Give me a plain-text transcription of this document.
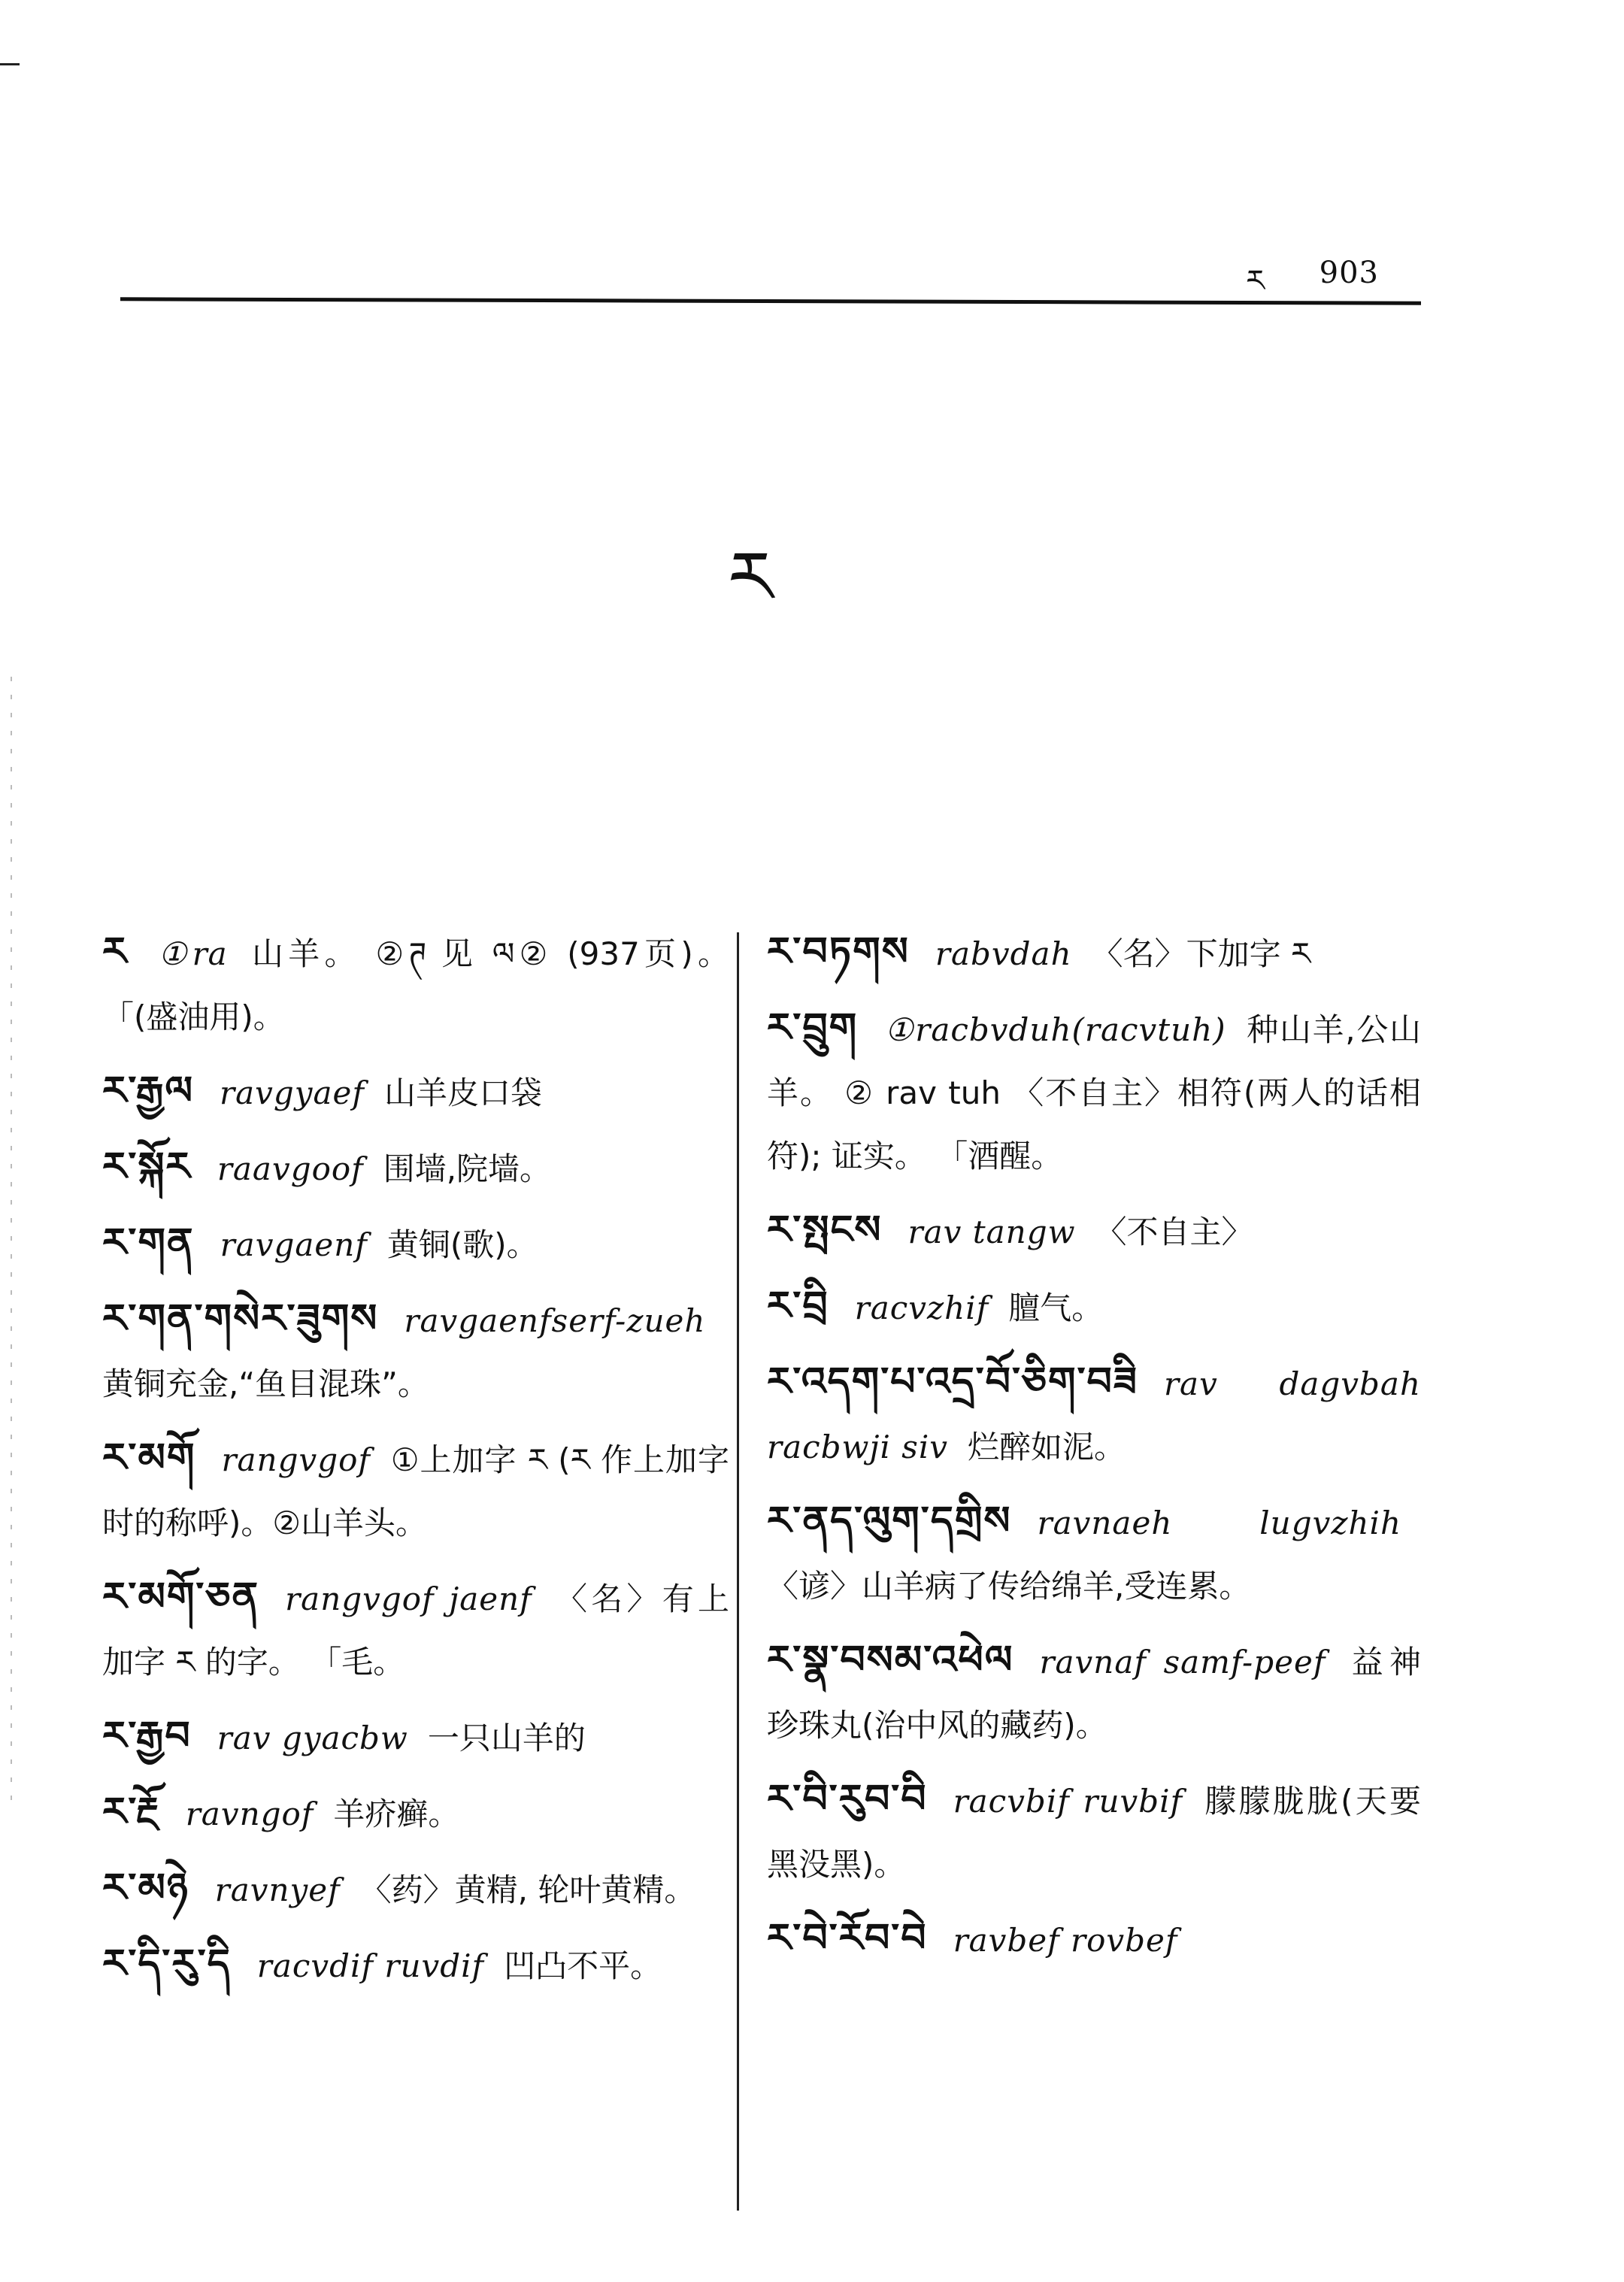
ར 903
ར
ར ①ra 山羊。 ②ཊ 见 ལ② (937页)。 「(盛油用)。
ར་རྒྱལ ravgyaef 山羊皮口袋
ར་སྐོར raavgoof 围墙,院墙。
ར་གན ravgaenf 黄铜(歌)。
ར་གན་གསེར་ཟུགས ravgaenfserf-zueh黄铜充金,“鱼目混珠”。
ར་མགོ rangvgof ①上加字 ར (ར 作上加字时的称呼)。②山羊头。
ར་མགོ་ཅན rangvgof jaenf 〈名〉有上加字 ར 的字。 「毛。
ར་རྒྱབ rav gyacbw 一只山羊的
ར་རྔོ ravngof 羊疥癣。
ར་མཉེ ravnyef 〈药〉黄精, 轮叶黄精。
ར་དི་རུ་དི racvdif ruvdif 凹凸不平。
ར་བཏགས rabvdah 〈名〉下加字 ར
ར་བྲུག ①racbvduh(racvtuh) 种山羊,公山羊。 ② rav tuh 〈不自主〉相符(两人的话相符); 证实。 「酒醒。
ར་སྤངས rav tangw 〈不自主〉
ར་བྲི racvzhif 膻气。
ར་འདག་པ་འདྲ་བོ་ཅིག་བཟི rav dagvbah racbwji siv 烂醉如泥。
ར་ནད་ལུག་དགྲིས ravnaeh lugvzhih〈谚〉山羊病了传给绵羊,受连累。
ར་སྣ་བསམ་འཕེལ ravnaf samf-peef 益神珍珠丸(治中风的藏药)。
ར་བི་རུབ་བི racvbif ruvbif 朦朦胧胧(天要黑没黑)。
ར་བེ་རོབ་བེ ravbef rovbef
